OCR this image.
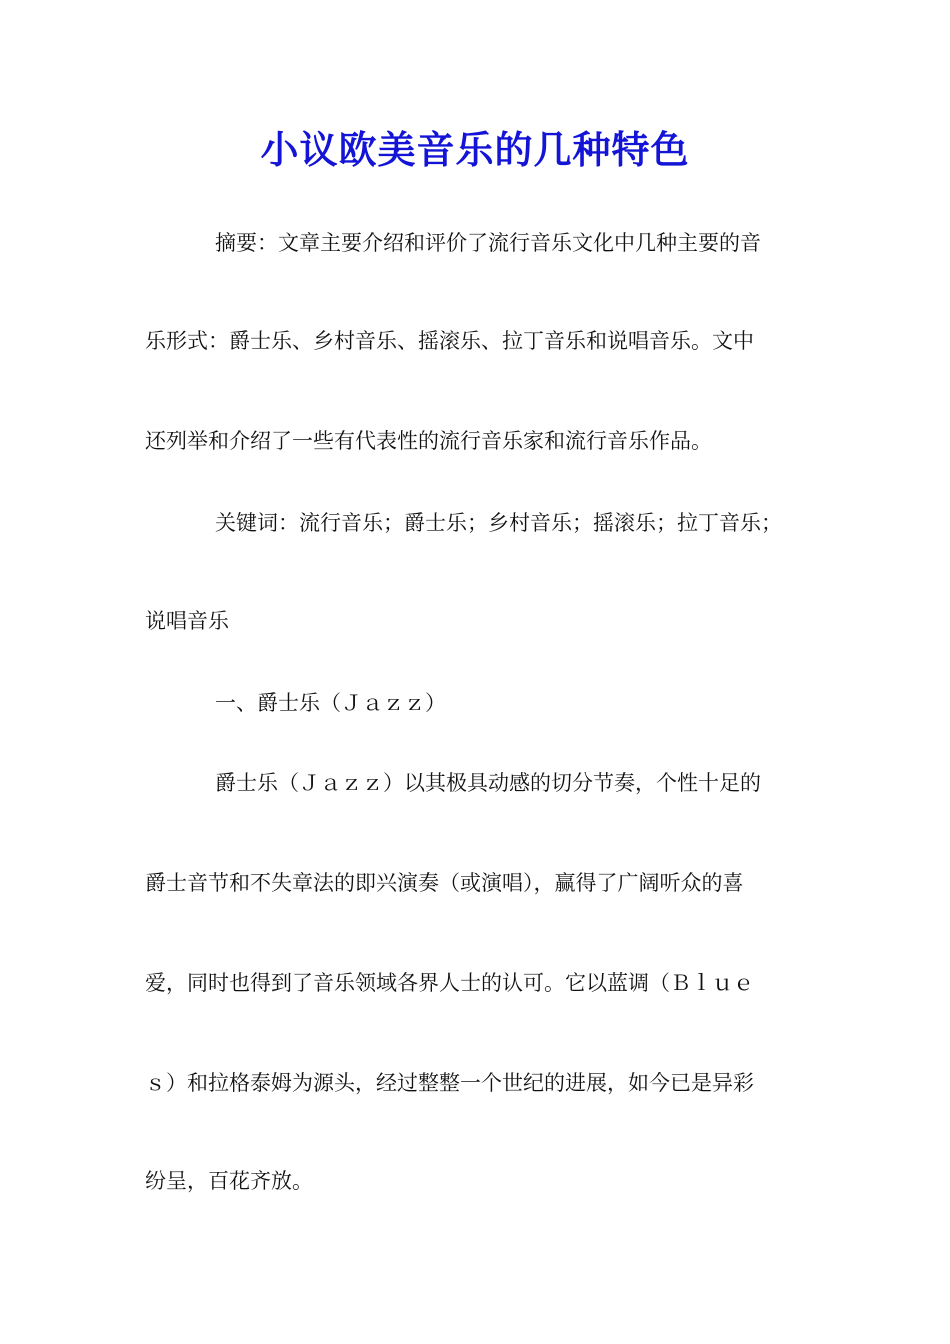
小议欧美音乐的几种特色

摘要：文章主要介绍和评价了流行音乐文化中几种主要的音

乐形式：爵士乐、乡村音乐、摇滚乐、拉丁音乐和说唱音乐。文中

还列举和介绍了一些有代表性的流行音乐家和流行音乐作品。

关键词：流行音乐；爵士乐；乡村音乐；摇滚乐；拉丁音乐；

说唱音乐

一、爵士乐（Ｊａｚｚ）

爵士乐（Ｊａｚｚ）以其极具动感的切分节奏，个性十足的

爵士音节和不失章法的即兴演奏（或演唱），赢得了广阔听众的喜

爱，同时也得到了音乐领域各界人士的认可。它以蓝调（Ｂｌｕｅ

ｓ）和拉格泰姆为源头，经过整整一个世纪的进展，如今已是异彩

纷呈，百花齐放。
